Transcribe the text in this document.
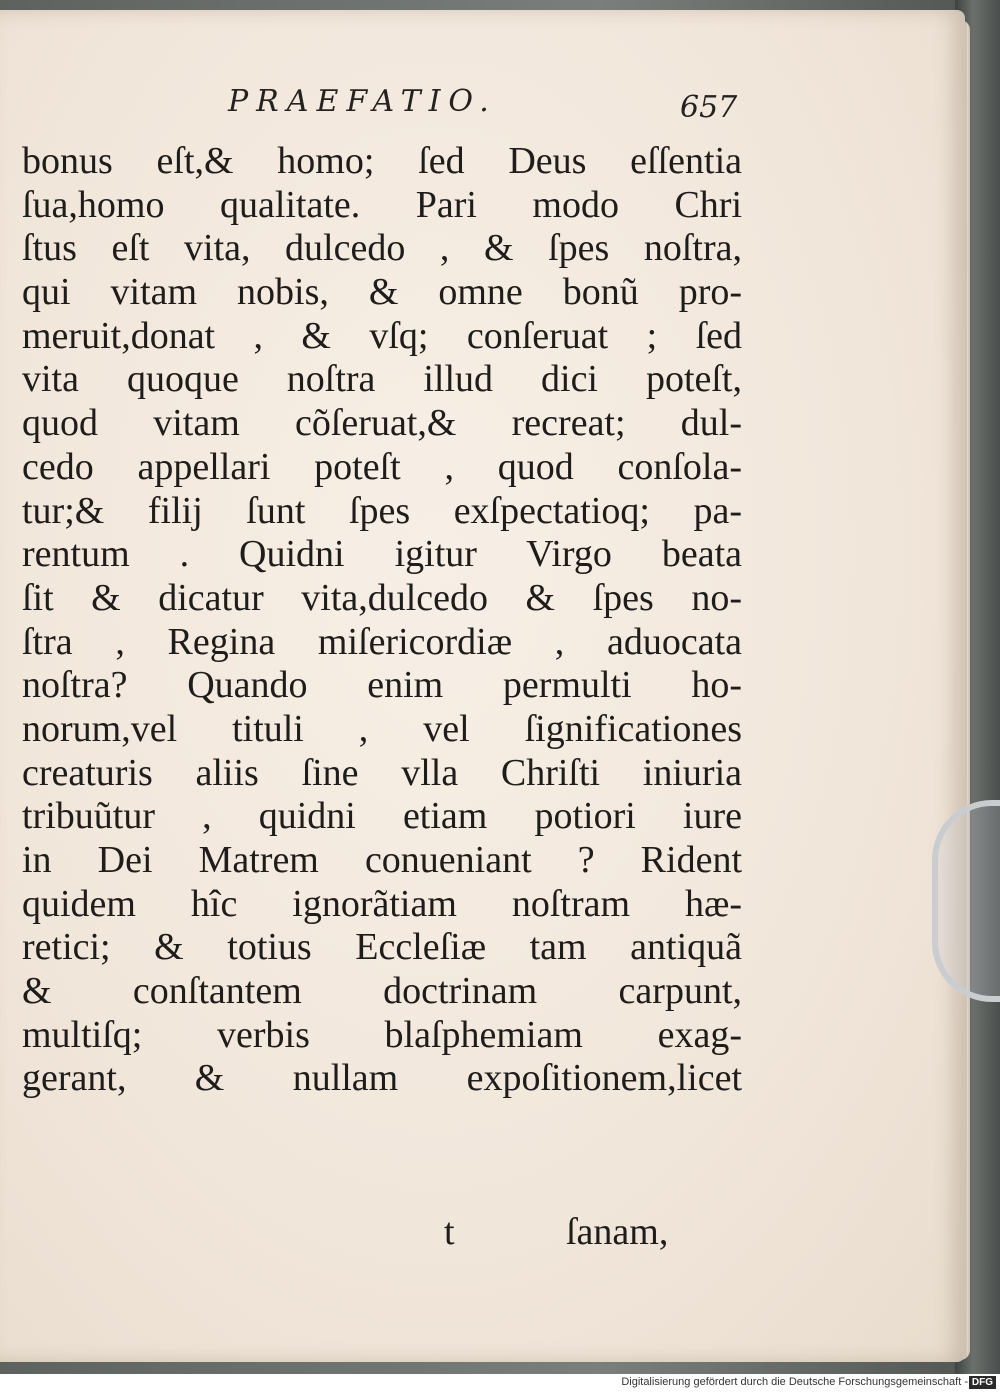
PRAEFATIO.	657
bonus eſt,& homo; ſed Deus eſſentia
ſua,homo qualitate. Pari modo Chri
ſtus eſt vita, dulcedo , & ſpes noſtra,
qui vitam nobis, & omne bonũ pro-
meruit,donat , & vſq; conſeruat ; ſed
vita quoque noſtra illud dici poteſt,
quod vitam cõſeruat,& recreat; dul-
cedo appellari poteſt , quod conſola-
tur;& filij ſunt ſpes exſpectatioq; pa-
rentum . Quidni igitur Virgo beata
ſit & dicatur vita,dulcedo & ſpes no-
ſtra , Regina miſericordiæ , aduocata
noſtra? Quando enim permulti ho-
norum,vel tituli , vel ſignificationes
creaturis aliis ſine vlla Chriſti iniuria
tribuũtur , quidni etiam potiori iure
in Dei Matrem conueniant ? Rident
quidem hîc ignorãtiam noſtram hæ-
retici; & totius Eccleſiæ tam antiquã
& conſtantem doctrinam carpunt,
multiſq; verbis blaſphemiam exag-
gerant, & nullam expoſitionem,licet
t	ſanam,
Digitalisierung gefördert durch die Deutsche Forschungsgemeinschaft - DFG
